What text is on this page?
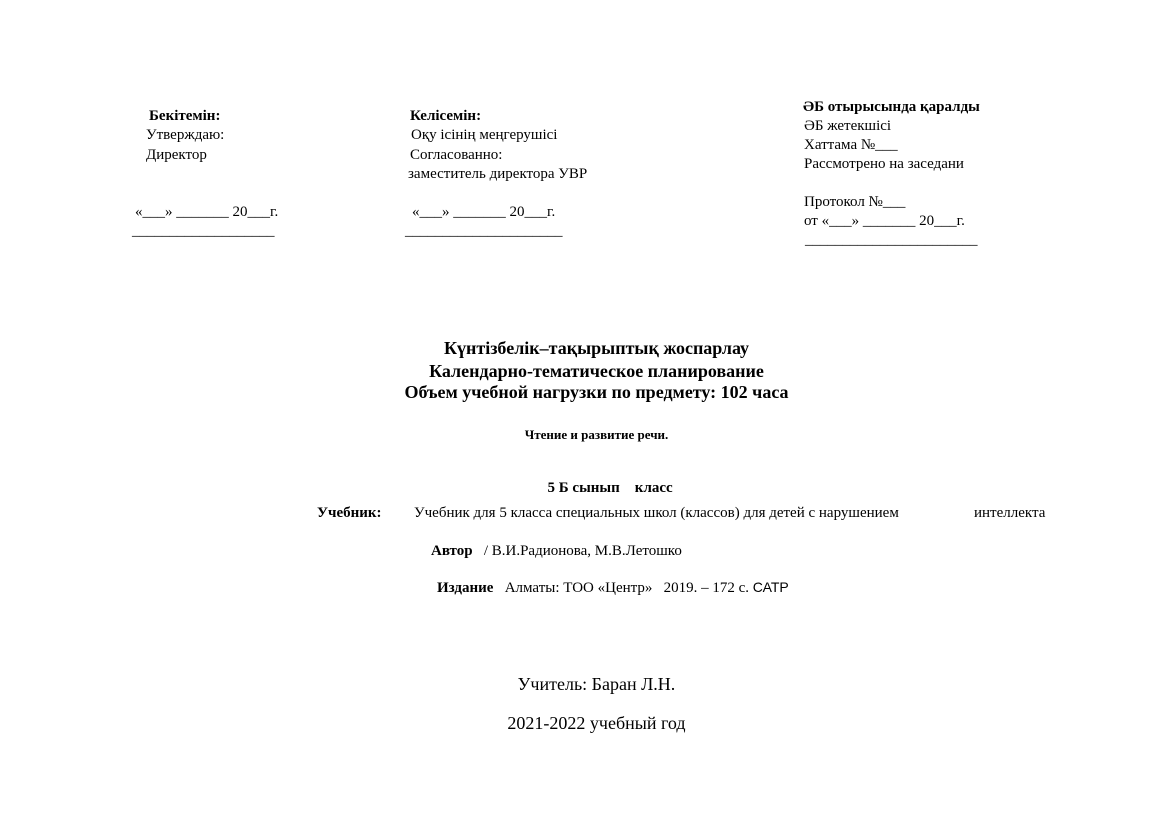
Бекітемін:
Утверждаю:
Директор
«___» _______ 20___г.
___________________
Келісемін:
Оқу ісінің меңгерушісі
Согласованно:
заместитель директора УВР
«___» _______ 20___г.
_____________________
ӘБ отырысында қаралды
ӘБ жетекшісі
Хаттама №___
Рассмотрено на заседани
Протокол №___
от «___» _______ 20___г.
_______________________
Күнтізбелік–тақырыптық жоспарлау
Календарно-тематическое планирование
Объем учебной нагрузки по предмету: 102 часа
Чтение и развитие речи.

5 Б сынып класс

Учебник: Учебник для 5 класса специальных школ (классов) для детей с нарушением	интеллекта

Автор / В.И.Радионова, М.В.Летошко

Издание Алматы: ТОО «Центр»   2019. – 172 с. САТР

Учитель: Баран Л.Н.
2021-2022 учебный год
